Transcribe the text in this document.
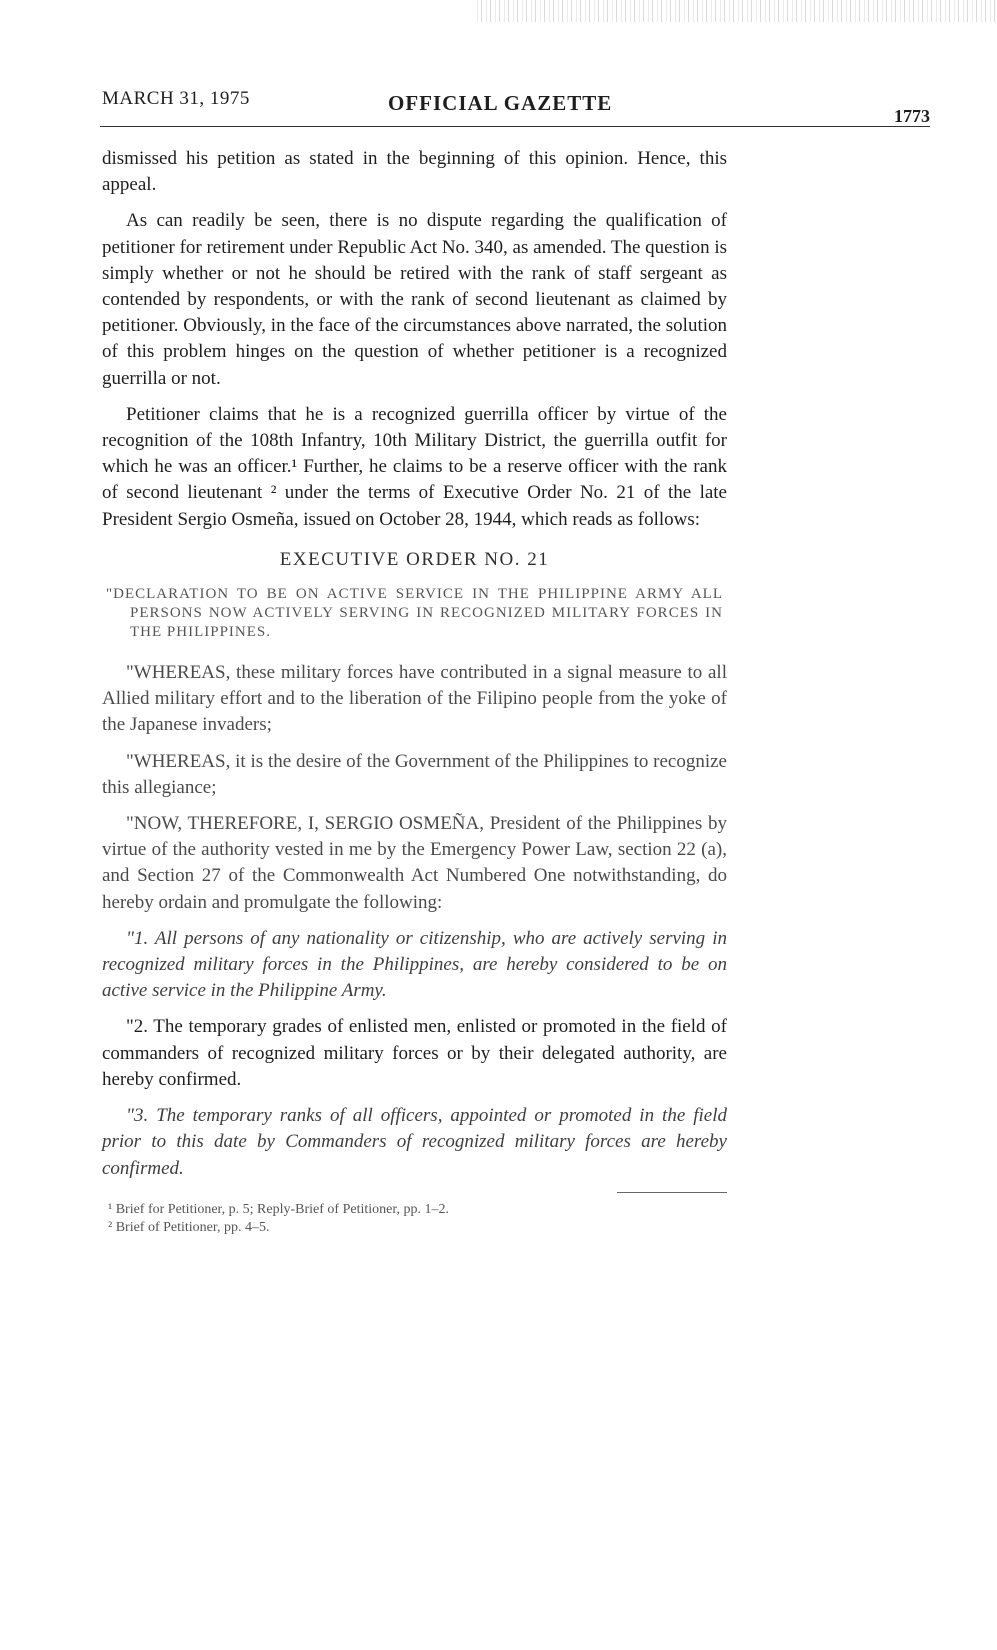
MARCH 31, 1975	OFFICIAL GAZETTE
1773

dismissed his petition as stated in the beginning of this opinion. Hence, this appeal.

As can readily be seen, there is no dispute regarding the qualification of petitioner for retirement under Republic Act No. 340, as amended. The question is simply whether or not he should be retired with the rank of staff sergeant as contended by respondents, or with the rank of second lieutenant as claimed by petitioner. Obviously, in the face of the circumstances above narrated, the solution of this problem hinges on the question of whether petitioner is a recognized guerrilla or not.

Petitioner claims that he is a recognized guerrilla officer by virtue of the recognition of the 108th Infantry, 10th Military District, the guerrilla outfit for which he was an officer.¹ Further, he claims to be a reserve officer with the rank of second lieutenant ² under the terms of Executive Order No. 21 of the late President Sergio Osmeña, issued on October 28, 1944, which reads as follows:

EXECUTIVE ORDER NO. 21
"DECLARATION TO BE ON ACTIVE SERVICE IN THE PHILIPPINE ARMY ALL PERSONS NOW ACTIVELY SERVING IN RECOGNIZED MILITARY FORCES IN THE PHILIPPINES.

"WHEREAS, these military forces have contributed in a signal measure to all Allied military effort and to the liberation of the Filipino people from the yoke of the Japanese invaders;

"WHEREAS, it is the desire of the Government of the Philippines to recognize this allegiance;

"NOW, THEREFORE, I, SERGIO OSMEÑA, President of the Philippines by virtue of the authority vested in me by the Emergency Power Law, section 22 (a), and Section 27 of the Commonwealth Act Numbered One notwithstanding, do hereby ordain and promulgate the following:

"1. All persons of any nationality or citizenship, who are actively serving in recognized military forces in the Philippines, are hereby considered to be on active service in the Philippine Army.

"2. The temporary grades of enlisted men, enlisted or promoted in the field of commanders of recognized military forces or by their delegated authority, are hereby confirmed.

"3. The temporary ranks of all officers, appointed or promoted in the field prior to this date by Commanders of recognized military forces are hereby confirmed.

¹ Brief for Petitioner, p. 5; Reply-Brief of Petitioner, pp. 1–2.
² Brief of Petitioner, pp. 4–5.
